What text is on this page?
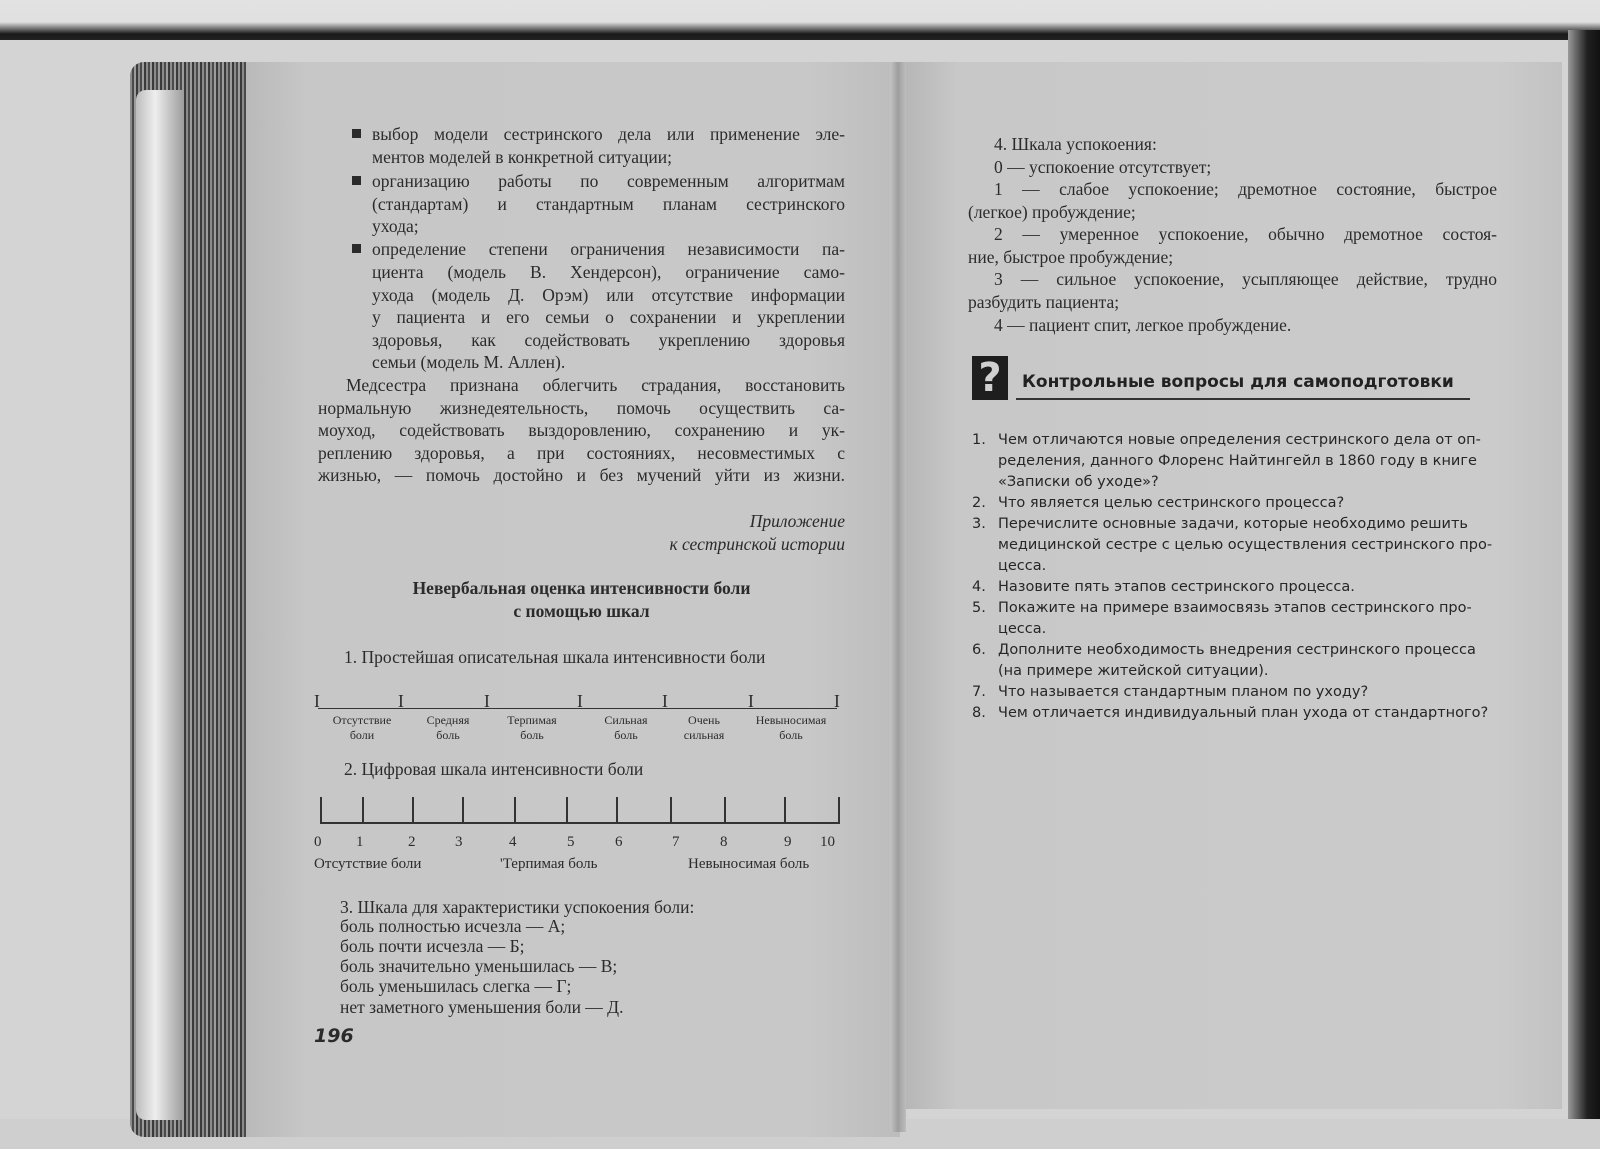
выбор модели сестринского дела или применение эле-
ментов моделей в конкретной ситуации;
организацию работы по современным алгоритмам
(стандартам) и стандартным планам сестринского
ухода;
определение степени ограничения независимости па-
циента (модель В. Хендерсон), ограничение само-
ухода (модель Д. Орэм) или отсутствие информации
у пациента и его семьи о сохранении и укреплении
здоровья, как содействовать укреплению здоровья
семьи (модель М. Аллен).
Медсестра признана облегчить страдания, восстановить
нормальную жизнедеятельность, помочь осуществить са-
моуход, содействовать выздоровлению, сохранению и ук-
реплению здоровья, а при состояниях, несовместимых с
жизнью, — помочь достойно и без мучений уйти из жизни.
Приложение
к сестринской истории
Невербальная оценка интенсивности боли
с помощью шкал
1. Простейшая описательная шкала интенсивности боли
I	I	I	I	I	I	I
Отсутствие
боли
Средняя
боль
Терпимая
боль
Сильная
боль
Очень
сильная
Невыносимая
боль
2. Цифровая шкала интенсивности боли
0 1	2	3	4	5	6	7	8	9 10
Отсутствие боли	'Терпимая боль	Невыносимая боль
3. Шкала для характеристики успокоения боли:
боль полностью исчезла — А;
боль почти исчезла — Б;
боль значительно уменьшилась — В;
боль уменьшилась слегка — Г;
нет заметного уменьшения боли — Д.
196
4. Шкала успокоения:
0 — успокоение отсутствует;
1 — слабое успокоение; дремотное состояние, быстрое
(легкое) пробуждение;
2 — умеренное успокоение, обычно дремотное состоя-
ние, быстрое пробуждение;
3 — сильное успокоение, усыпляющее действие, трудно
разбудить пациента;
4 — пациент спит, легкое пробуждение.
?	Контрольные вопросы для самоподготовки
1. Чем отличаются новые определения сестринского дела от оп-
ределения, данного Флоренс Найтингейл в 1860 году в книге
«Записки об уходе»?
2. Что является целью сестринского процесса?
3. Перечислите основные задачи, которые необходимо решить
медицинской сестре с целью осуществления сестринского про-
цесса.
4. Назовите пять этапов сестринского процесса.
5. Покажите на примере взаимосвязь этапов сестринского про-
цесса.
6. Дополните необходимость внедрения сестринского процесса
(на примере житейской ситуации).
7. Что называется стандартным планом по уходу?
8. Чем отличается индивидуальный план ухода от стандартного?
